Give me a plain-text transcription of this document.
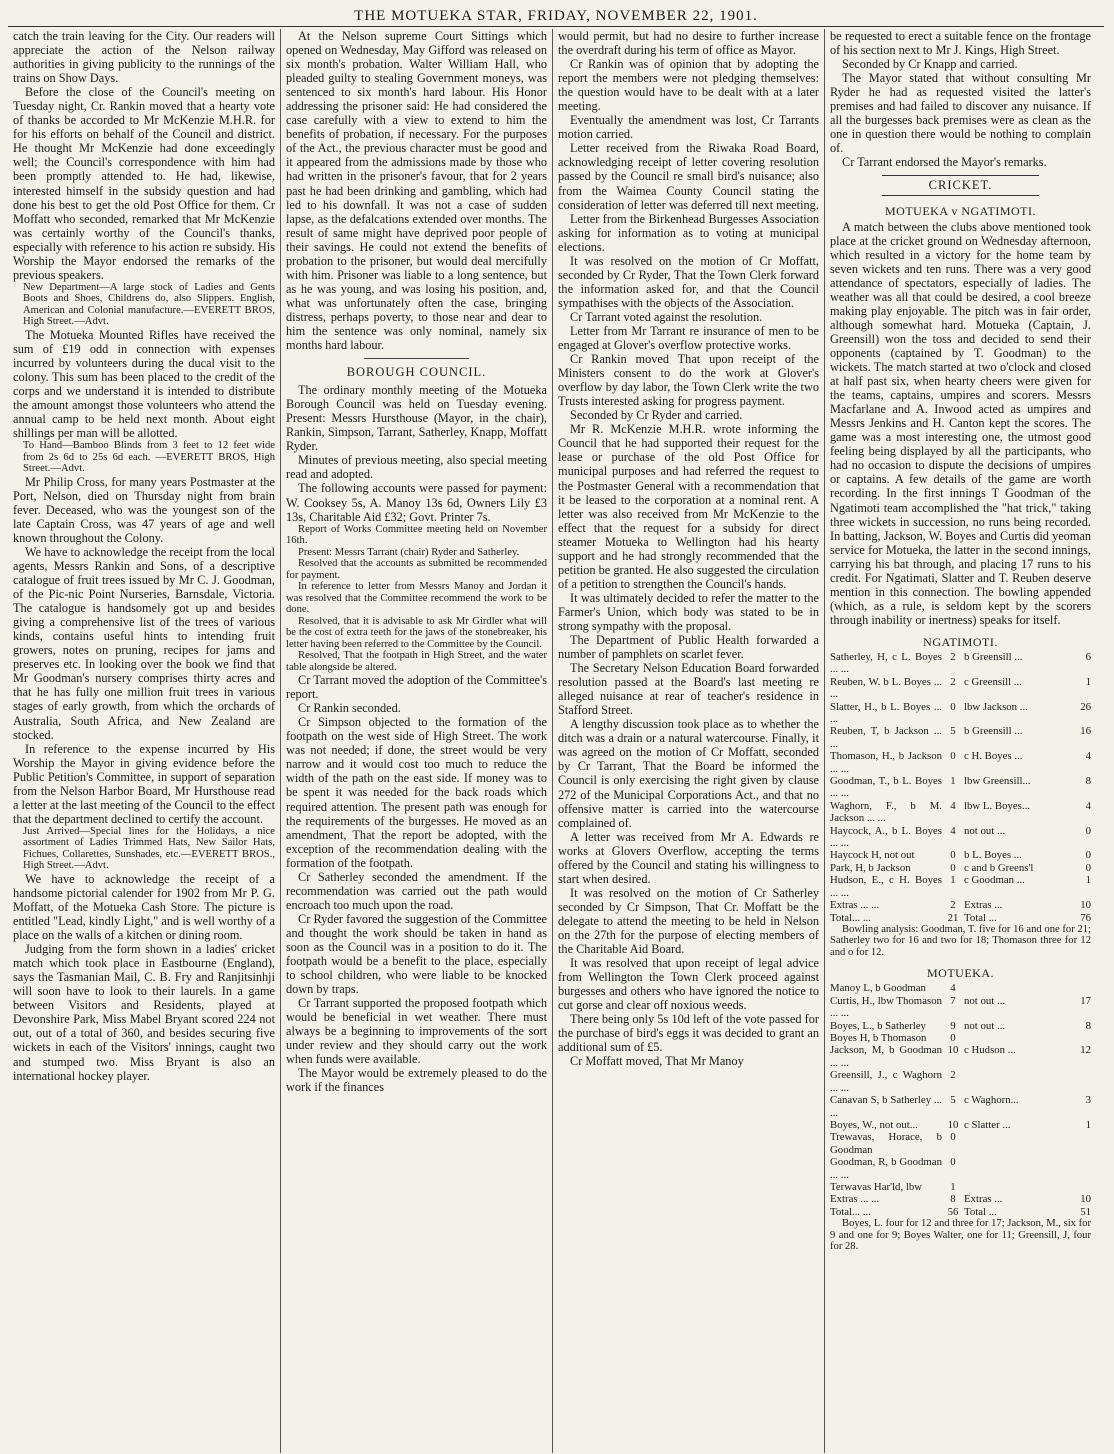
THE MOTUEKA STAR, FRIDAY, NOVEMBER 22, 1901.

catch the train leaving for the City. Our readers will appreciate the action of the Nelson railway authorities in giving publicity to the runnings of the trains on Show Days.

Before the close of the Council's meeting on Tuesday night, Cr. Rankin moved that a hearty vote of thanks be accorded to Mr McKenzie M.H.R. for for his efforts on behalf of the Council and district. He thought Mr McKenzie had done exceedingly well; the Council's correspondence with him had been promptly attended to. He had, likewise, interested himself in the subsidy question and had done his best to get the old Post Office for them. Cr Moffatt who seconded, remarked that Mr McKenzie was certainly worthy of the Council's thanks, especially with reference to his action re subsidy. His Worship the Mayor endorsed the remarks of the previous speakers.

New Department—A large stock of Ladies and Gents Boots and Shoes, Childrens do, also Slippers. English, American and Colonial manufacture.—EVERETT BROS, High Street.—Advt.

The Motueka Mounted Rifles have received the sum of £19 odd in connection with expenses incurred by volunteers during the ducal visit to the colony. This sum has been placed to the credit of the corps and we understand it is intended to distribute the amount amongst those volunteers who attend the annual camp to be held next month. About eight shillings per man will be allotted.

To Hand—Bamboo Blinds from 3 feet to 12 feet wide from 2s 6d to 25s 6d each. —EVERETT BROS, High Street.—Advt.

Mr Philip Cross, for many years Postmaster at the Port, Nelson, died on Thursday night from brain fever. Deceased, who was the youngest son of the late Captain Cross, was 47 years of age and well known throughout the Colony.

We have to acknowledge the receipt from the local agents, Messrs Rankin and Sons, of a descriptive catalogue of fruit trees issued by Mr C. J. Goodman, of the Pic-nic Point Nurseries, Barnsdale, Victoria. The catalogue is handsomely got up and besides giving a comprehensive list of the trees of various kinds, contains useful hints to intending fruit growers, notes on pruning, recipes for jams and preserves etc. In looking over the book we find that Mr Goodman's nursery comprises thirty acres and that he has fully one million fruit trees in various stages of early growth, from which the orchards of Australia, South Africa, and New Zealand are stocked.

In reference to the expense incurred by His Worship the Mayor in giving evidence before the Public Petition's Committee, in support of separation from the Nelson Harbor Board, Mr Hursthouse read a letter at the last meeting of the Council to the effect that the department declined to certify the account.

Just Arrived—Special lines for the Holidays, a nice assortment of Ladies Trimmed Hats, New Sailor Hats, Fichues, Collarettes, Sunshades, etc.—EVERETT BROS., High Street.—Advt.

We have to acknowledge the receipt of a handsome pictorial calender for 1902 from Mr P. G. Moffatt, of the Motueka Cash Store. The picture is entitled "Lead, kindly Light," and is well worthy of a place on the walls of a kitchen or dining room.

Judging from the form shown in a ladies' cricket match which took place in Eastbourne (England), says the Tasmanian Mail, C. B. Fry and Ranjitsinhji will soon have to look to their laurels. In a game between Visitors and Residents, played at Devonshire Park, Miss Mabel Bryant scored 224 not out, out of a total of 360, and besides securing five wickets in each of the Visitors' innings, caught two and stumped two. Miss Bryant is also an international hockey player.

At the Nelson supreme Court Sittings which opened on Wednesday, May Gifford was released on six month's probation. Walter William Hall, who pleaded guilty to stealing Government moneys, was sentenced to six month's hard labour. His Honor addressing the prisoner said: He had considered the case carefully with a view to extend to him the benefits of probation, if necessary. For the purposes of the Act., the previous character must be good and it appeared from the admissions made by those who had written in the prisoner's favour, that for 2 years past he had been drinking and gambling, which had led to his downfall. It was not a case of sudden lapse, as the defalcations extended over months. The result of same might have deprived poor people of their savings. He could not extend the benefits of probation to the prisoner, but would deal mercifully with him. Prisoner was liable to a long sentence, but as he was young, and was losing his position, and, what was unfortunately often the case, bringing distress, perhaps poverty, to those near and dear to him the sentence was only nominal, namely six months hard labour.

BOROUGH COUNCIL.

The ordinary monthly meeting of the Motueka Borough Council was held on Tuesday evening. Present: Messrs Hursthouse (Mayor, in the chair), Rankin, Simpson, Tarrant, Satherley, Knapp, Moffatt Ryder.

Minutes of previous meeting, also special meeting read and adopted.

The following accounts were passed for payment: W. Cooksey 5s, A. Manoy 13s 6d, Owners Lily £3 13s, Charitable Aid £32; Govt. Printer 7s.

Report of Works Committee meeting held on November 16th.

Present: Messrs Tarrant (chair) Ryder and Satherley.

Resolved that the accounts as submitted be recommended for payment.

In reference to letter from Messrs Manoy and Jordan it was resolved that the Committee recommend the work to be done.

Resolved, that it is advisable to ask Mr Girdler what will be the cost of extra teeth for the jaws of the stonebreaker, his letter having been referred to the Committee by the Council.

Resolved, That the footpath in High Street, and the water table alongside be altered.

Cr Tarrant moved the adoption of the Committee's report.

Cr Rankin seconded.

Cr Simpson objected to the formation of the footpath on the west side of High Street. The work was not needed; if done, the street would be very narrow and it would cost too much to reduce the width of the path on the east side. If money was to be spent it was needed for the back roads which required attention. The present path was enough for the requirements of the burgesses. He moved as an amendment, That the report be adopted, with the exception of the recommendation dealing with the formation of the footpath.

Cr Satherley seconded the amendment. If the recommendation was carried out the path would encroach too much upon the road.

Cr Ryder favored the suggestion of the Committee and thought the work should be taken in hand as soon as the Council was in a position to do it. The footpath would be a benefit to the place, especially to school children, who were liable to be knocked down by traps.

Cr Tarrant supported the proposed footpath which would be beneficial in wet weather. There must always be a beginning to improvements of the sort under review and they should carry out the work when funds were available.

The Mayor would be extremely pleased to do the work if the finances

would permit, but had no desire to further increase the overdraft during his term of office as Mayor.

Cr Rankin was of opinion that by adopting the report the members were not pledging themselves: the question would have to be dealt with at a later meeting.

Eventually the amendment was lost, Cr Tarrants motion carried.

Letter received from the Riwaka Road Board, acknowledging receipt of letter covering resolution passed by the Council re small bird's nuisance; also from the Waimea County Council stating the consideration of letter was deferred till next meeting.

Letter from the Birkenhead Burgesses Association asking for information as to voting at municipal elections.

It was resolved on the motion of Cr Moffatt, seconded by Cr Ryder, That the Town Clerk forward the information asked for, and that the Council sympathises with the objects of the Association.

Cr Tarrant voted against the resolution.

Letter from Mr Tarrant re insurance of men to be engaged at Glover's overflow protective works.

Cr Rankin moved That upon receipt of the Ministers consent to do the work at Glover's overflow by day labor, the Town Clerk write the two Trusts interested asking for progress payment.

Seconded by Cr Ryder and carried.

Mr R. McKenzie M.H.R. wrote informing the Council that he had supported their request for the lease or purchase of the old Post Office for municipal purposes and had referred the request to the Postmaster General with a recommendation that it be leased to the corporation at a nominal rent. A letter was also received from Mr McKenzie to the effect that the request for a subsidy for direct steamer Motueka to Wellington had his hearty support and he had strongly recommended that the petition be granted. He also suggested the circulation of a petition to strengthen the Council's hands.

It was ultimately decided to refer the matter to the Farmer's Union, which body was stated to be in strong sympathy with the proposal.

The Department of Public Health forwarded a number of pamphlets on scarlet fever.

The Secretary Nelson Education Board forwarded resolution passed at the Board's last meeting re alleged nuisance at rear of teacher's residence in Stafford Street.

A lengthy discussion took place as to whether the ditch was a drain or a natural watercourse. Finally, it was agreed on the motion of Cr Moffatt, seconded by Cr Tarrant, That the Board be informed the Council is only exercising the right given by clause 272 of the Municipal Corporations Act., and that no offensive matter is carried into the watercourse complained of.

A letter was received from Mr A. Edwards re works at Glovers Overflow, accepting the terms offered by the Council and stating his willingness to start when desired.

It was resolved on the motion of Cr Satherley seconded by Cr Simpson, That Cr. Moffatt be the delegate to attend the meeting to be held in Nelson on the 27th for the purpose of electing members of the Charitable Aid Board.

It was resolved that upon receipt of legal advice from Wellington the Town Clerk proceed against burgesses and others who have ignored the notice to cut gorse and clear off noxious weeds.

There being only 5s 10d left of the vote passed for the purchase of bird's eggs it was decided to grant an additional sum of £5.

Cr Moffatt moved, That Mr Manoy

be requested to erect a suitable fence on the frontage of his section next to Mr J. Kings, High Street.

Seconded by Cr Knapp and carried.

The Mayor stated that without consulting Mr Ryder he had as requested visited the latter's premises and had failed to discover any nuisance. If all the burgesses back premises were as clean as the one in question there would be nothing to complain of.

Cr Tarrant endorsed the Mayor's remarks.

CRICKET.
MOTUEKA v NGATIMOTI.

A match between the clubs above mentioned took place at the cricket ground on Wednesday afternoon, which resulted in a victory for the home team by seven wickets and ten runs. There was a very good attendance of spectators, especially of ladies. The weather was all that could be desired, a cool breeze making play enjoyable. The pitch was in fair order, although somewhat hard. Motueka (Captain, J. Greensill) won the toss and decided to send their opponents (captained by T. Goodman) to the wickets. The match started at two o'clock and closed at half past six, when hearty cheers were given for the teams, captains, umpires and scorers. Messrs Macfarlane and A. Inwood acted as umpires and Messrs Jenkins and H. Canton kept the scores. The game was a most interesting one, the utmost good feeling being displayed by all the participants, who had no occasion to dispute the decisions of umpires or captains. A few details of the game are worth recording. In the first innings T Goodman of the Ngatimoti team accomplished the "hat trick," taking three wickets in succession, no runs being recorded. In batting, Jackson, W. Boyes and Curtis did yeoman service for Motueka, the latter in the second innings, carrying his bat through, and placing 17 runs to his credit. For Ngatimati, Slatter and T. Reuben deserve mention in this connection. The bowling appended (which, as a rule, is seldom kept by the scorers through inability or inertness) speaks for itself.

NGATIMOTI.
Satherley, H, c L. Boyes ... ...	2	b Greensill ...	6
Reuben, W. b L. Boyes ... ...	2	c Greensill ...	1
Slatter, H., b L. Boyes ... ...	0	lbw Jackson ...	26
Reuben, T, b Jackson ... ...	5	b Greensill ...	16
Thomason, H., b Jackson ... ...	0	c H. Boyes ...	4
Goodman, T., b L. Boyes ... ...	1	lbw Greensill...	8
Waghorn, F., b M. Jackson ... ...	4	lbw L. Boyes...	4
Haycock, A., b L. Boyes ... ...	4	not out ...	0
Haycock H, not out	0	b L. Boyes ...	0
Park, H, b Jackson	0	c and b Greens'l	0
Hudson, E., c H. Boyes ... ...	1	c Goodman ...	1
Extras ... ...	2	Extras ...	10
Total... ...	21	Total ...	76

Bowling analysis: Goodman, T. five for 16 and one for 21; Satherley two for 16 and two for 18; Thomason three for 12 and o for 12.

MOTUEKA.
Manoy L, b Goodman	4		
Curtis, H., lbw Thomason ... ...	7	not out ...	17
Boyes, L., b Satherley	9	not out ...	8
Boyes H, b Thomason	0		
Jackson, M, b Goodman ... ...	10	c Hudson ...	12
Greensill, J., c Waghorn ... ...	2		
Canavan S, b Satherley ... ...	5	c Waghorn...	3
Boyes, W., not out...	10	c Slatter ...	1
Trewavas, Horace, b Goodman	0		
Goodman, R, b Goodman ... ...	0		
Terwavas Har'ld, lbw	1		
Extras ... ...	8	Extras ...	10
Total... ...	56	Total ...	51

Boyes, L. four for 12 and three for 17; Jackson, M., six for 9 and one for 9; Boyes Walter, one for 11; Greensill, J, four for 28.
